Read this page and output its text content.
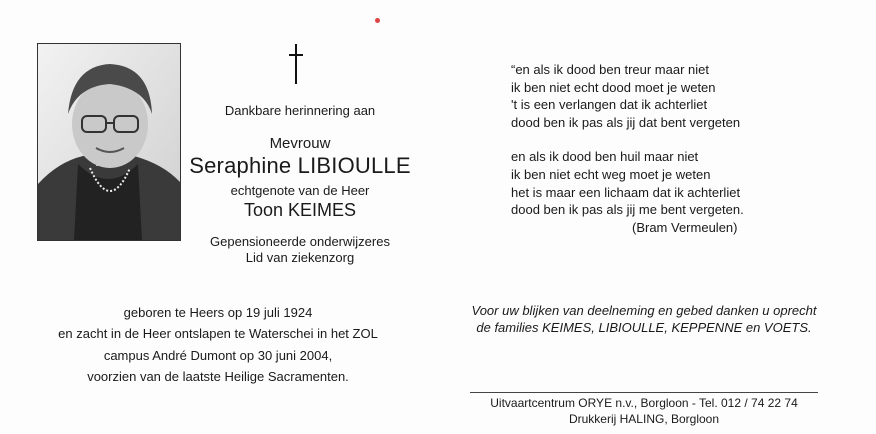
Dankbare herinnering aan
Mevrouw
Seraphine LIBIOULLE
echtgenote van de Heer
Toon KEIMES
Gepensioneerde onderwijzeres
Lid van ziekenzorg
geboren te Heers op 19 juli 1924
en zacht in de Heer ontslapen te Waterschei in het ZOL
campus André Dumont op 30 juni 2004,
voorzien van de laatste Heilige Sacramenten.

“en als ik dood ben treur maar niet

ik ben niet echt dood moet je weten

't is een verlangen dat ik achterliet

dood ben ik pas als jij dat bent vergeten

en als ik dood ben huil maar niet

ik ben niet echt weg moet je weten

het is maar een lichaam dat ik achterliet

dood ben ik pas als jij me bent vergeten.

(Bram Vermeulen)
Voor uw blijken van deelneming en gebed danken u oprecht
de families KEIMES, LIBIOULLE, KEPPENNE en VOETS.
Uitvaartcentrum ORYE n.v., Borgloon - Tel. 012 / 74 22 74
Drukkerij HALING, Borgloon
